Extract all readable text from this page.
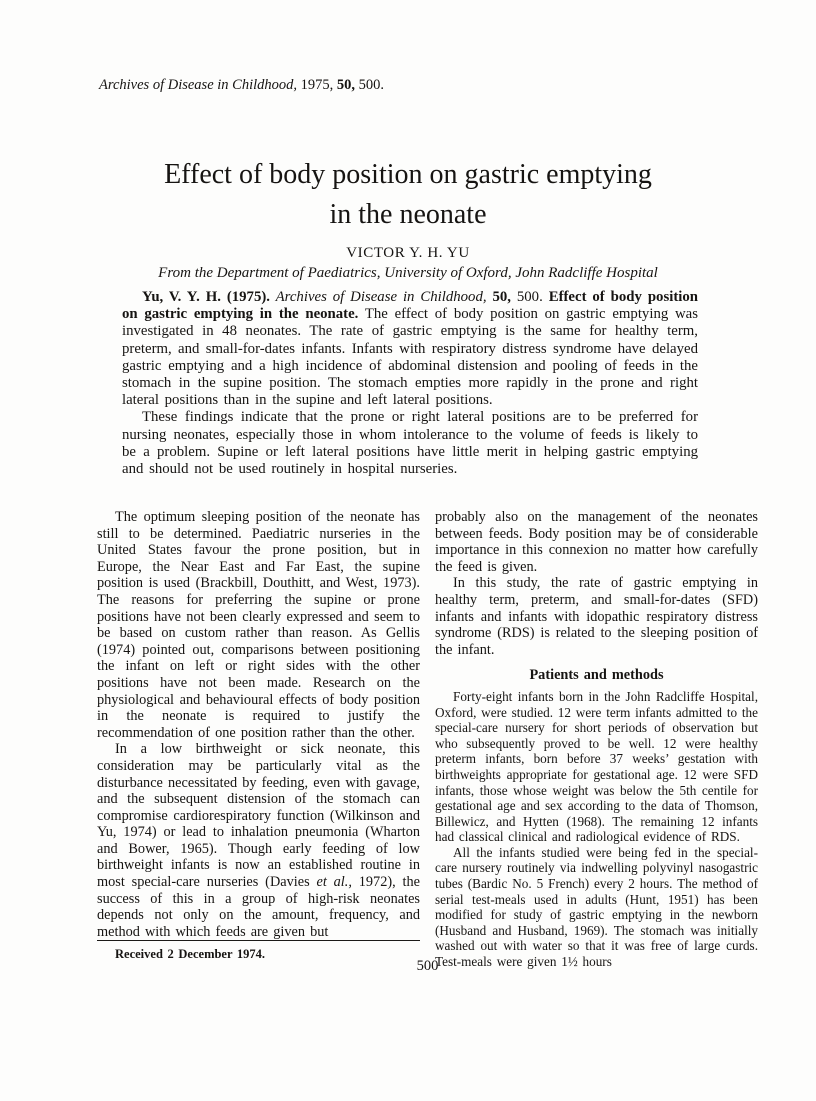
Archives of Disease in Childhood, 1975, 50, 500.
Effect of body position on gastric emptying
in the neonate
VICTOR Y. H. YU
From the Department of Paediatrics, University of Oxford, John Radcliffe Hospital

Yu, V. Y. H. (1975). Archives of Disease in Childhood, 50, 500. Effect of body position on gastric emptying in the neonate. The effect of body position on gastric emptying was investigated in 48 neonates. The rate of gastric emptying is the same for healthy term, preterm, and small-for-dates infants. Infants with respiratory distress syndrome have delayed gastric emptying and a high incidence of abdominal distension and pooling of feeds in the stomach in the supine position. The stomach empties more rapidly in the prone and right lateral positions than in the supine and left lateral positions.

These findings indicate that the prone or right lateral positions are to be preferred for nursing neonates, especially those in whom intolerance to the volume of feeds is likely to be a problem. Supine or left lateral positions have little merit in helping gastric emptying and should not be used routinely in hospital nurseries.

The optimum sleeping position of the neonate has still to be determined. Paediatric nurseries in the United States favour the prone position, but in Europe, the Near East and Far East, the supine position is used (Brackbill, Douthitt, and West, 1973). The reasons for preferring the supine or prone positions have not been clearly expressed and seem to be based on custom rather than reason. As Gellis (1974) pointed out, comparisons between positioning the infant on left or right sides with the other positions have not been made. Research on the physiological and behavioural effects of body position in the neonate is required to justify the recommendation of one position rather than the other.

In a low birthweight or sick neonate, this consideration may be particularly vital as the disturbance necessitated by feeding, even with gavage, and the subsequent distension of the stomach can compromise cardiorespiratory function (Wilkinson and Yu, 1974) or lead to inhalation pneumonia (Wharton and Bower, 1965). Though early feeding of low birthweight infants is now an established routine in most special-care nurseries (Davies et al., 1972), the success of this in a group of high-risk neonates depends not only on the amount, frequency, and method with which feeds are given but

Received 2 December 1974.

probably also on the management of the neonates between feeds. Body position may be of considerable importance in this connexion no matter how carefully the feed is given.

In this study, the rate of gastric emptying in healthy term, preterm, and small-for-dates (SFD) infants and infants with idopathic respiratory distress syndrome (RDS) is related to the sleeping position of the infant.

Patients and methods

Forty-eight infants born in the John Radcliffe Hospital, Oxford, were studied. 12 were term infants admitted to the special-care nursery for short periods of observation but who subsequently proved to be well. 12 were healthy preterm infants, born before 37 weeks’ gestation with birthweights appropriate for gestational age. 12 were SFD infants, those whose weight was below the 5th centile for gestational age and sex according to the data of Thomson, Billewicz, and Hytten (1968). The remaining 12 infants had classical clinical and radiological evidence of RDS.

All the infants studied were being fed in the special-care nursery routinely via indwelling polyvinyl nasogastric tubes (Bardic No. 5 French) every 2 hours. The method of serial test-meals used in adults (Hunt, 1951) has been modified for study of gastric emptying in the newborn (Husband and Husband, 1969). The stomach was initially washed out with water so that it was free of large curds. Test-meals were given 1½ hours

500
